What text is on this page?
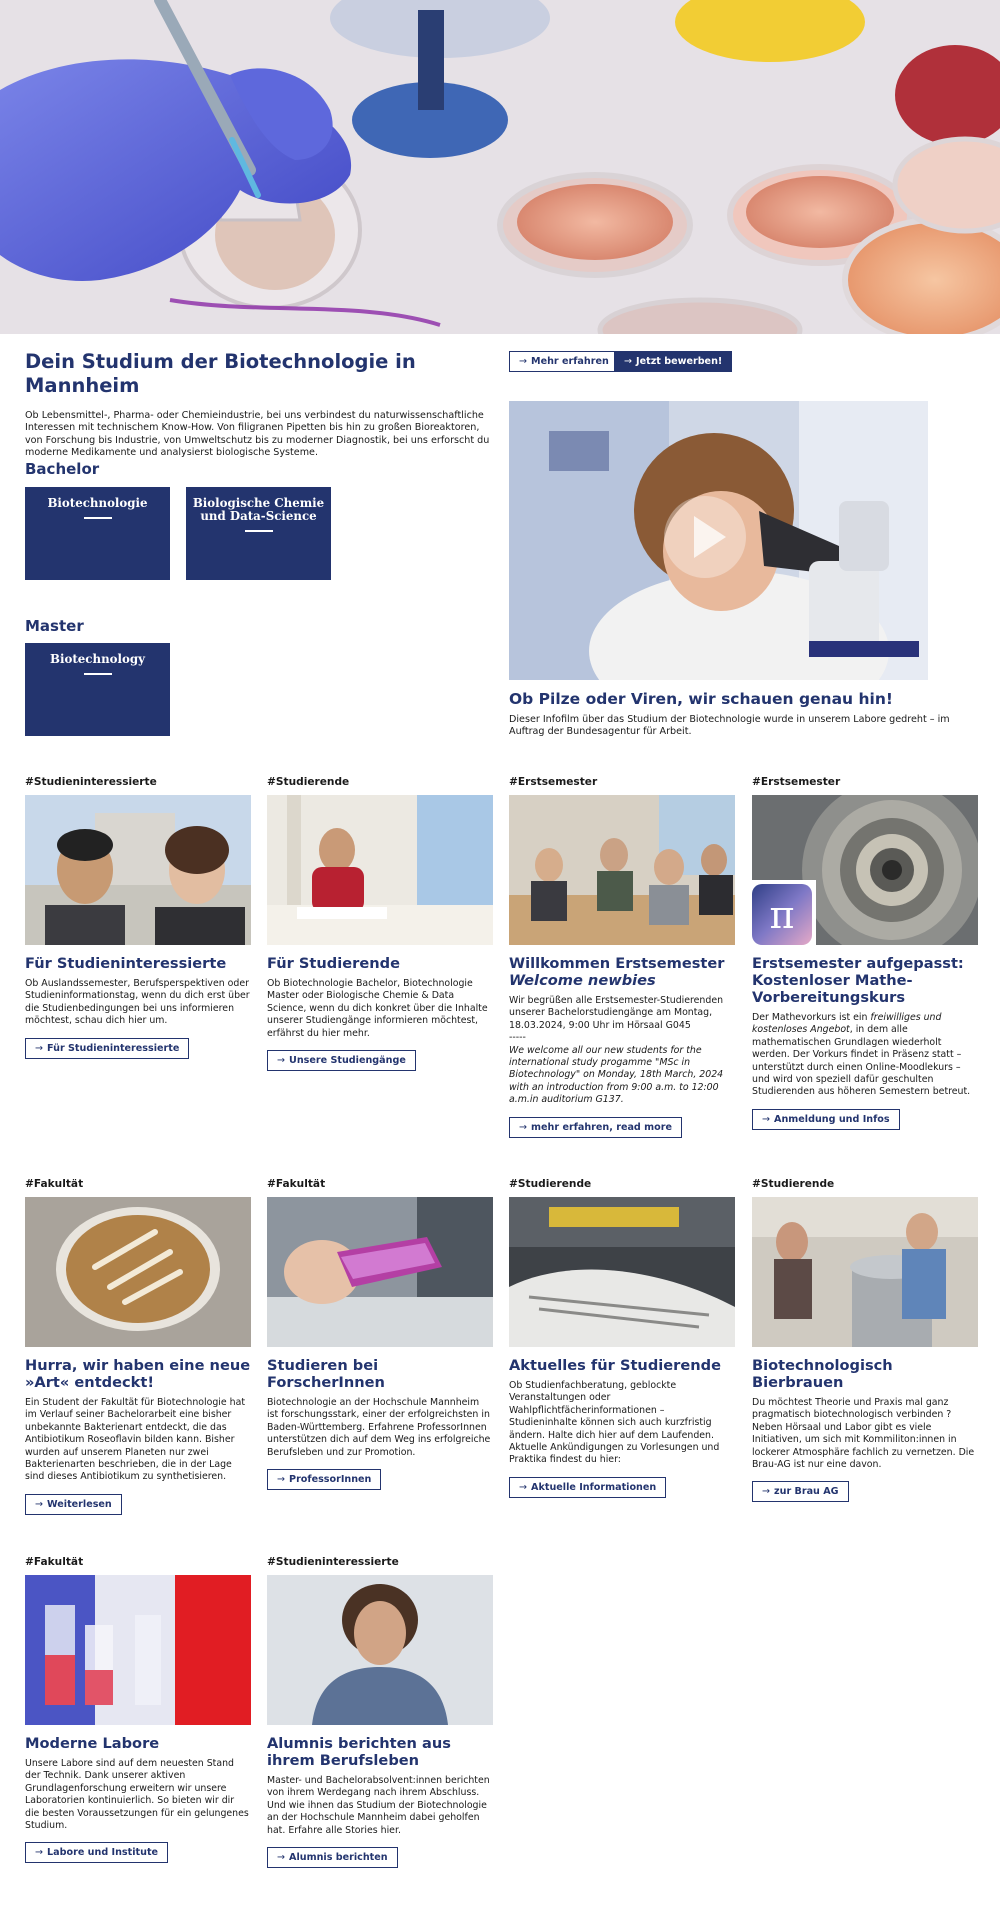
Dein Studium der Biotechnologie in Mannheim

Ob Lebensmittel-, Pharma- oder Chemieindustrie, bei uns verbindest du naturwissenschaftliche Interessen mit technischem Know-How. Von filigranen Pipetten bis hin zu großen Bioreaktoren, von Forschung bis Industrie, von Umweltschutz bis zu moderner Diagnostik, bei uns erforscht du moderne Medikamente und analysierst biologische Systeme.

→ Mehr erfahren → Jetzt bewerben!
Bachelor
Biotechnologie	Biologische Chemie
und Data-Science
Master
Biotechnology
Ob Pilze oder Viren, wir schauen genau hin!
Dieser Infofilm über das Studium der Biotechnologie wurde in unserem Labore gedreht – im Auftrag der Bundesagentur für Arbeit.
#Studieninteressierte
Für Studieninteressierte

Ob Auslandssemester, Berufsperspektiven oder Studieninformationstag, wenn du dich erst über die Studienbedingungen bei uns informieren möchtest, schau dich hier um.

→ Für Studieninteressierte
#Studierende
Für Studierende

Ob Biotechnologie Bachelor, Biotechnologie Master oder Biologische Chemie & Data Science, wenn du dich konkret über die Inhalte unserer Studiengänge informieren möchtest, erfährst du hier mehr.

→ Unsere Studiengänge
#Erstsemester
Willkommen Erstsemester
Welcome newbies

Wir begrüßen alle Erstsemester-Studierenden unserer Bachelorstudiengänge am Montag, 18.03.2024, 9:00 Uhr im Hörsaal G045

-----

We welcome all our new students for the international study progamme "MSc in Biotechnology" on Monday, 18th March, 2024 with an introduction from 9:00 a.m. to 12:00 a.m.in auditorium G137.

→ mehr erfahren, read more
#Erstsemester
π
Erstsemester aufgepasst: Kostenloser Mathe-Vorbereitungskurs

Der Mathevorkurs ist ein freiwilliges und kostenloses Angebot, in dem alle mathematischen Grundlagen wiederholt werden. Der Vorkurs findet in Präsenz statt – unterstützt durch einen Online-Moodlekurs – und wird von speziell dafür geschulten Studierenden aus höheren Semestern betreut.

→ Anmeldung und Infos
#Fakultät
Hurra, wir haben eine neue »Art« entdeckt!

Ein Student der Fakultät für Biotechnologie hat im Verlauf seiner Bachelorarbeit eine bisher unbekannte Bakterienart entdeckt, die das Antibiotikum Roseoflavin bilden kann. Bisher wurden auf unserem Planeten nur zwei Bakterienarten beschrieben, die in der Lage sind dieses Antibiotikum zu synthetisieren.

→ Weiterlesen
#Fakultät
Studieren bei ForscherInnen

Biotechnologie an der Hochschule Mannheim ist forschungsstark, einer der erfolgreichsten in Baden-Württemberg. Erfahrene ProfessorInnen unterstützen dich auf dem Weg ins erfolgreiche Berufsleben und zur Promotion.

→ ProfessorInnen
#Studierende
Aktuelles für Studierende

Ob Studienfachberatung, geblockte Veranstaltungen oder Wahlpflichtfächerinformationen – Studieninhalte können sich auch kurzfristig ändern. Halte dich hier auf dem Laufenden. Aktuelle Ankündigungen zu Vorlesungen und Praktika findest du hier:

→ Aktuelle Informationen
#Studierende
Biotechnologisch Bierbrauen

Du möchtest Theorie und Praxis mal ganz pragmatisch biotechnologisch verbinden ? Neben Hörsaal und Labor gibt es viele Initiativen, um sich mit Kommiliton:innen in lockerer Atmosphäre fachlich zu vernetzen. Die Brau-AG ist nur eine davon.

→ zur Brau AG
#Fakultät
Moderne Labore

Unsere Labore sind auf dem neuesten Stand der Technik. Dank unserer aktiven Grundlagenforschung erweitern wir unsere Laboratorien kontinuierlich. So bieten wir dir die besten Voraussetzungen für ein gelungenes Studium.

→ Labore und Institute
#Studieninteressierte
Alumnis berichten aus ihrem Berufsleben

Master- und Bachelorabsolvent:innen berichten von ihrem Werdegang nach ihrem Abschluss. Und wie ihnen das Studium der Biotechnologie an der Hochschule Mannheim dabei geholfen hat. Erfahre alle Stories hier.

→ Alumnis berichten
